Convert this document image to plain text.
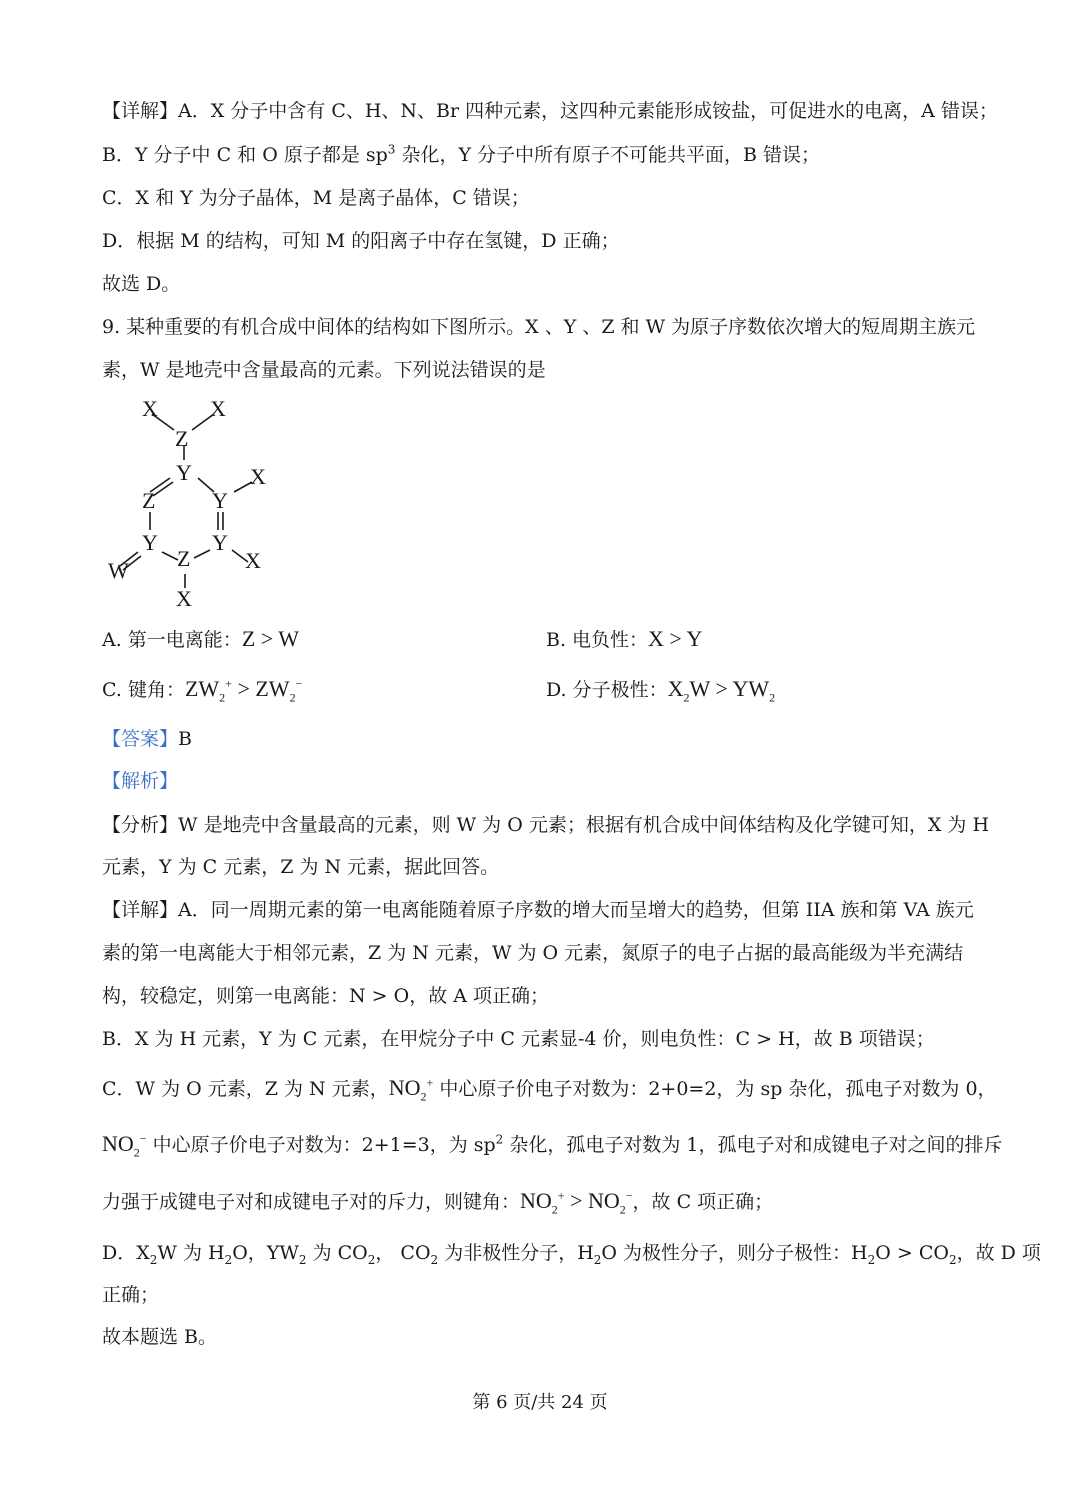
【详解】A．X 分子中含有 C、H、N、Br 四种元素，这四种元素能形成铵盐，可促进水的电离，A 错误；
B．Y 分子中 C 和 O 原子都是 $sp^3$ 杂化，Y 分子中所有原子不可能共平面，B 错误；
C．X 和 Y 为分子晶体，M 是离子晶体，C 错误；
D．根据 M 的结构，可知 M 的阳离子中存在氢键，D 正确；
故选 D。
9. 某种重要的有机合成中间体的结构如下图所示。X 、Y 、Z 和 W 为原子序数依次增大的短周期主族元
素，W 是地壳中含量最高的元素。下列说法错误的是
X X
Z
Y	X
Z	Y
Y Y
W Z
X
X
A. 第一电离能：Z > W	B. 电负性：X > Y
C. 键角：$ZW_2^+ > ZW_2^-$	D. 分子极性：$X_2W > YW_2$
【答案】B
【解析】
【分析】W 是地壳中含量最高的元素，则 W 为 O 元素；根据有机合成中间体结构及化学键可知，X 为 H
元素，Y 为 C 元素，Z 为 N 元素，据此回答。
【详解】A．同一周期元素的第一电离能随着原子序数的增大而呈增大的趋势，但第 IIA 族和第 VA 族元
素的第一电离能大于相邻元素，Z 为 N 元素，W 为 O 元素，氮原子的电子占据的最高能级为半充满结
构，较稳定，则第一电离能：N > O，故 A 项正确；
B．X 为 H 元素，Y 为 C 元素，在甲烷分子中 C 元素显-4 价，则电负性：C > H，故 B 项错误；
C．W 为 O 元素，Z 为 N 元素，$NO_2^+$ 中心原子价电子对数为：2+0=2，为 sp 杂化，孤电子对数为 0，
$NO_2^-$ 中心原子价电子对数为：2+1=3，为 $sp^2$ 杂化，孤电子对数为 1，孤电子对和成键电子对之间的排斥
力强于成键电子对和成键电子对的斥力，则键角：$NO_2^+ > NO_2^-$，故 C 项正确；
D．$X_2W$ 为 $H_2O$，$YW_2$ 为 $CO_2$， $CO_2$ 为非极性分子，$H_2O$ 为极性分子，则分子极性：$H_2O > CO_2$，故 D 项
正确；
故本题选 B。
第 6 页/共 24 页
